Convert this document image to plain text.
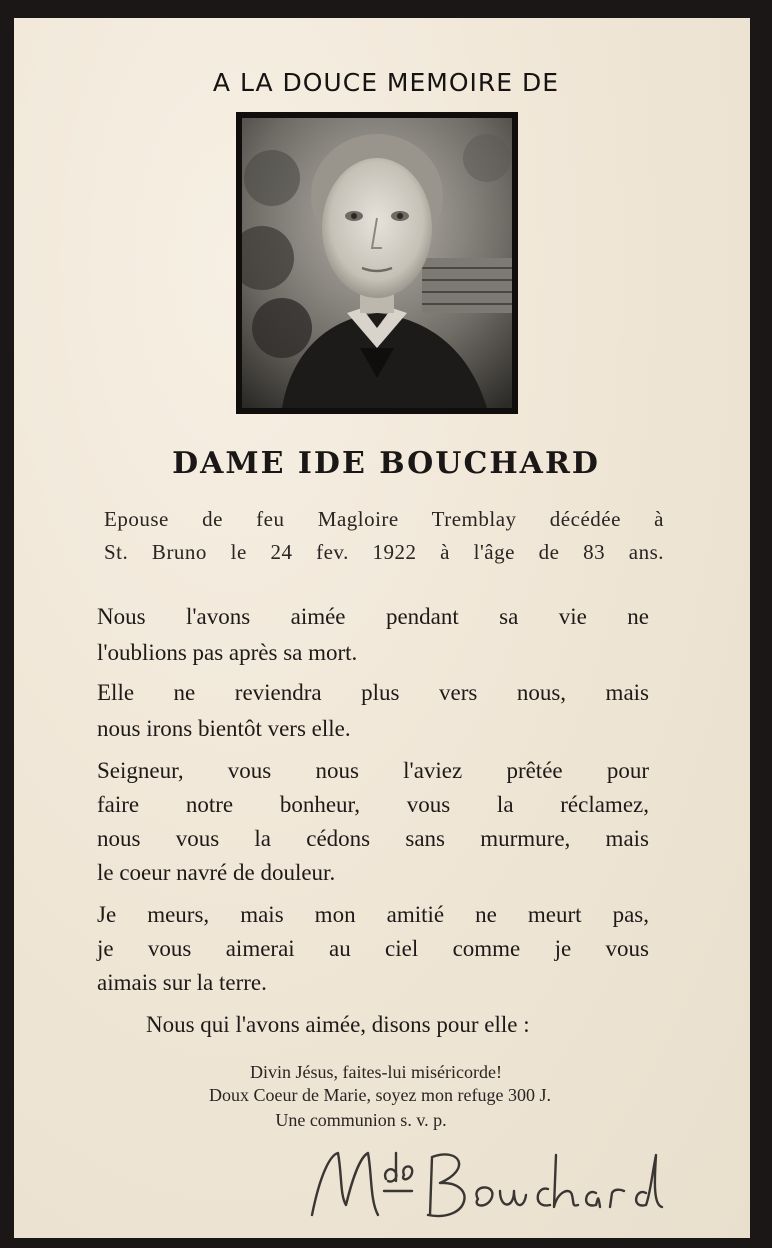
A LA DOUCE MEMOIRE DE
DAME IDE BOUCHARD
Epouse de feu Magloire Tremblay décédée à
St. Bruno le 24 fev. 1922 à l'âge de 83 ans.
Nous l'avons aimée pendant sa vie ne
l'oublions pas après sa mort.
Elle ne reviendra plus vers nous, mais
nous irons bientôt vers elle.
Seigneur, vous nous l'aviez prêtée pour
faire notre bonheur, vous la réclamez,
nous vous la cédons sans murmure, mais
le coeur navré de douleur.
Je meurs, mais mon amitié ne meurt pas,
je vous aimerai au ciel comme je vous
aimais sur la terre.
Nous qui l'avons aimée, disons pour elle :
Divin Jésus, faites-lui miséricorde!
Doux Coeur de Marie, soyez mon refuge 300 J.
Une communion s. v. p.
